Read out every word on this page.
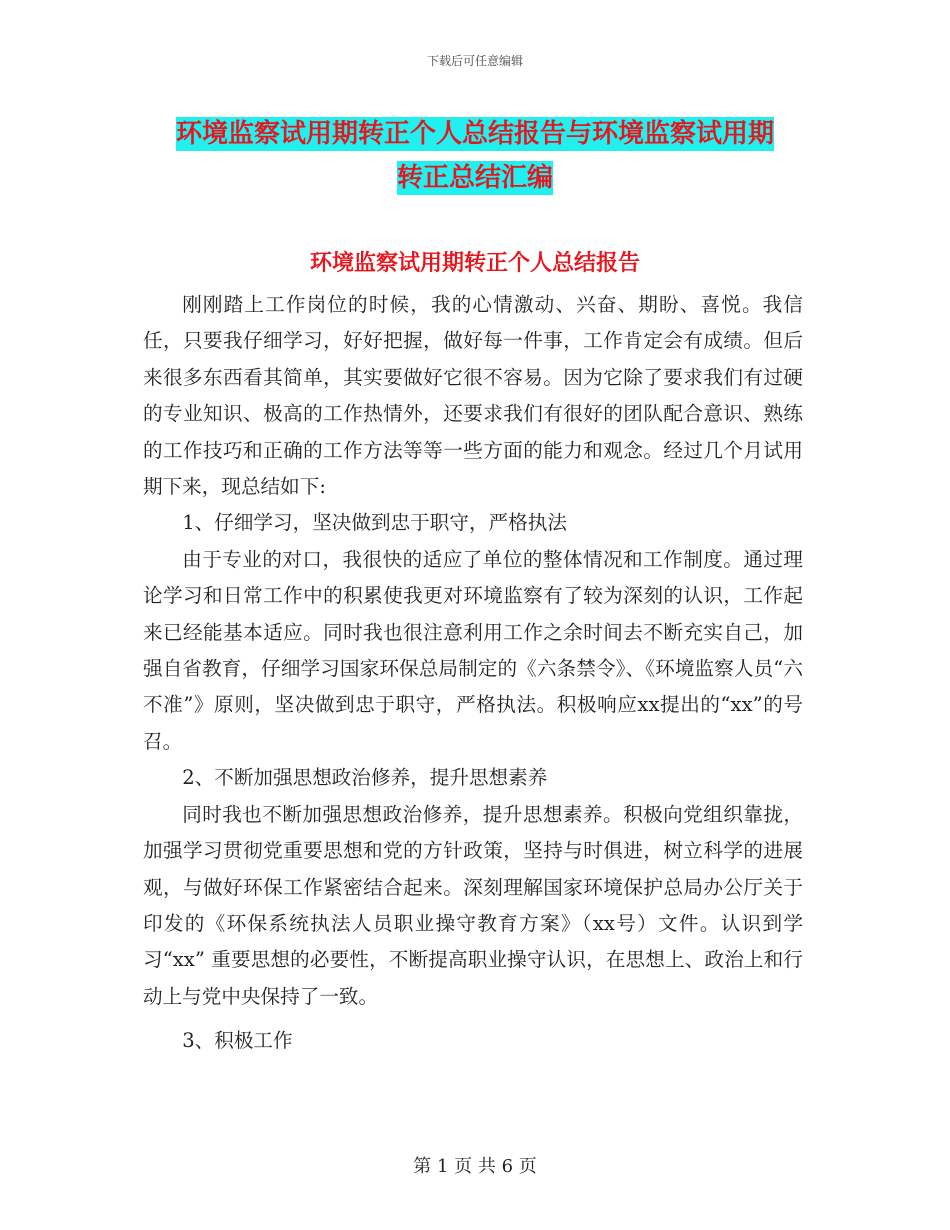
下载后可任意编辑
环境监察试用期转正个人总结报告与环境监察试用期
转正总结汇编
环境监察试用期转正个人总结报告

刚刚踏上工作岗位的时候，我的心情激动、兴奋、期盼、喜悦。我信任，只要我仔细学习，好好把握，做好每一件事，工作肯定会有成绩。但后来很多东西看其简单，其实要做好它很不容易。因为它除了要求我们有过硬的专业知识、极高的工作热情外，还要求我们有很好的团队配合意识、熟练的工作技巧和正确的工作方法等等一些方面的能力和观念。经过几个月试用期下来，现总结如下:

1、仔细学习，坚决做到忠于职守，严格执法

由于专业的对口，我很快的适应了单位的整体情况和工作制度。通过理论学习和日常工作中的积累使我更对环境监察有了较为深刻的认识，工作起来已经能基本适应。同时我也很注意利用工作之余时间去不断充实自己，加强自省教育，仔细学习国家环保总局制定的《六条禁令》、《环境监察人员“六不准”》原则，坚决做到忠于职守，严格执法。积极响应xx提出的“xx”的号召。

2、不断加强思想政治修养，提升思想素养

同时我也不断加强思想政治修养，提升思想素养。积极向党组织靠拢，加强学习贯彻党重要思想和党的方针政策，坚持与时俱进，树立科学的进展观，与做好环保工作紧密结合起来。深刻理解国家环境保护总局办公厅关于印发的《环保系统执法人员职业操守教育方案》（xx号）文件。认识到学习“xx” 重要思想的必要性，不断提高职业操守认识，在思想上、政治上和行动上与党中央保持了一致。

3、积极工作

第 1 页 共 6 页
